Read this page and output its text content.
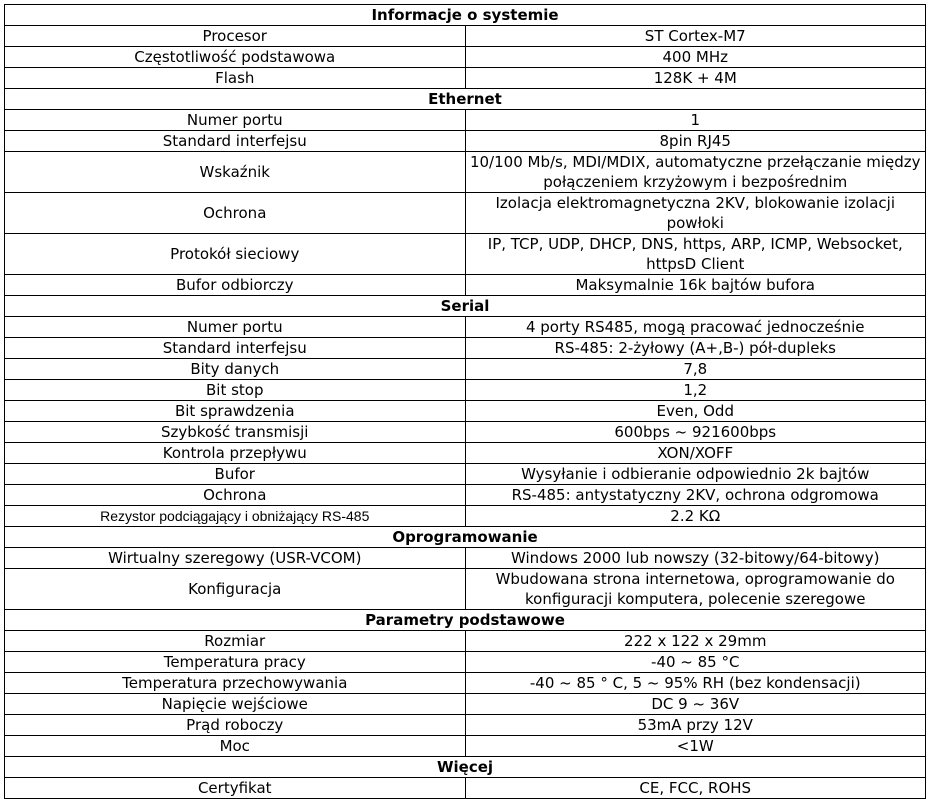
Informacje o systemie	
Procesor	ST Cortex-M7
Częstotliwość podstawowa	400 MHz
Flash	128K + 4M
Ethernet	
Numer portu	1
Standard interfejsu	8pin RJ45
Wskaźnik	10/100 Mb/s, MDI/MDIX, automatyczne przełączanie między połączeniem krzyżowym i bezpośrednim
Ochrona	Izolacja elektromagnetyczna 2KV, blokowanie izolacji powłoki
Protokół sieciowy	IP, TCP, UDP, DHCP, DNS, https, ARP, ICMP, Websocket, httpsD Client
Bufor odbiorczy	Maksymalnie 16k bajtów bufora
Serial	
Numer portu	4 porty RS485, mogą pracować jednocześnie
Standard interfejsu	RS-485: 2-żyłowy (A+,B-) pół-dupleks
Bity danych	7,8
Bit stop	1,2
Bit sprawdzenia	Even, Odd
Szybkość transmisji	600bps ~ 921600bps
Kontrola przepływu	XON/XOFF
Bufor	Wysyłanie i odbieranie odpowiednio 2k bajtów
Ochrona	RS-485: antystatyczny 2KV, ochrona odgromowa
Rezystor podciągający i obniżający RS-485	2.2 KΩ
Oprogramowanie	
Wirtualny szeregowy (USR-VCOM)	Windows 2000 lub nowszy (32-bitowy/64-bitowy)
Konfiguracja	Wbudowana strona internetowa, oprogramowanie do konfiguracji komputera, polecenie szeregowe
Parametry podstawowe	
Rozmiar	222 x 122 x 29mm
Temperatura pracy	-40 ~ 85 °C
Temperatura przechowywania	-40 ~ 85 ° C, 5 ~ 95% RH (bez kondensacji)
Napięcie wejściowe	DC 9 ~ 36V
Prąd roboczy	53mA przy 12V
Moc	<1W
Więcej	
Certyfikat	CE, FCC, ROHS
